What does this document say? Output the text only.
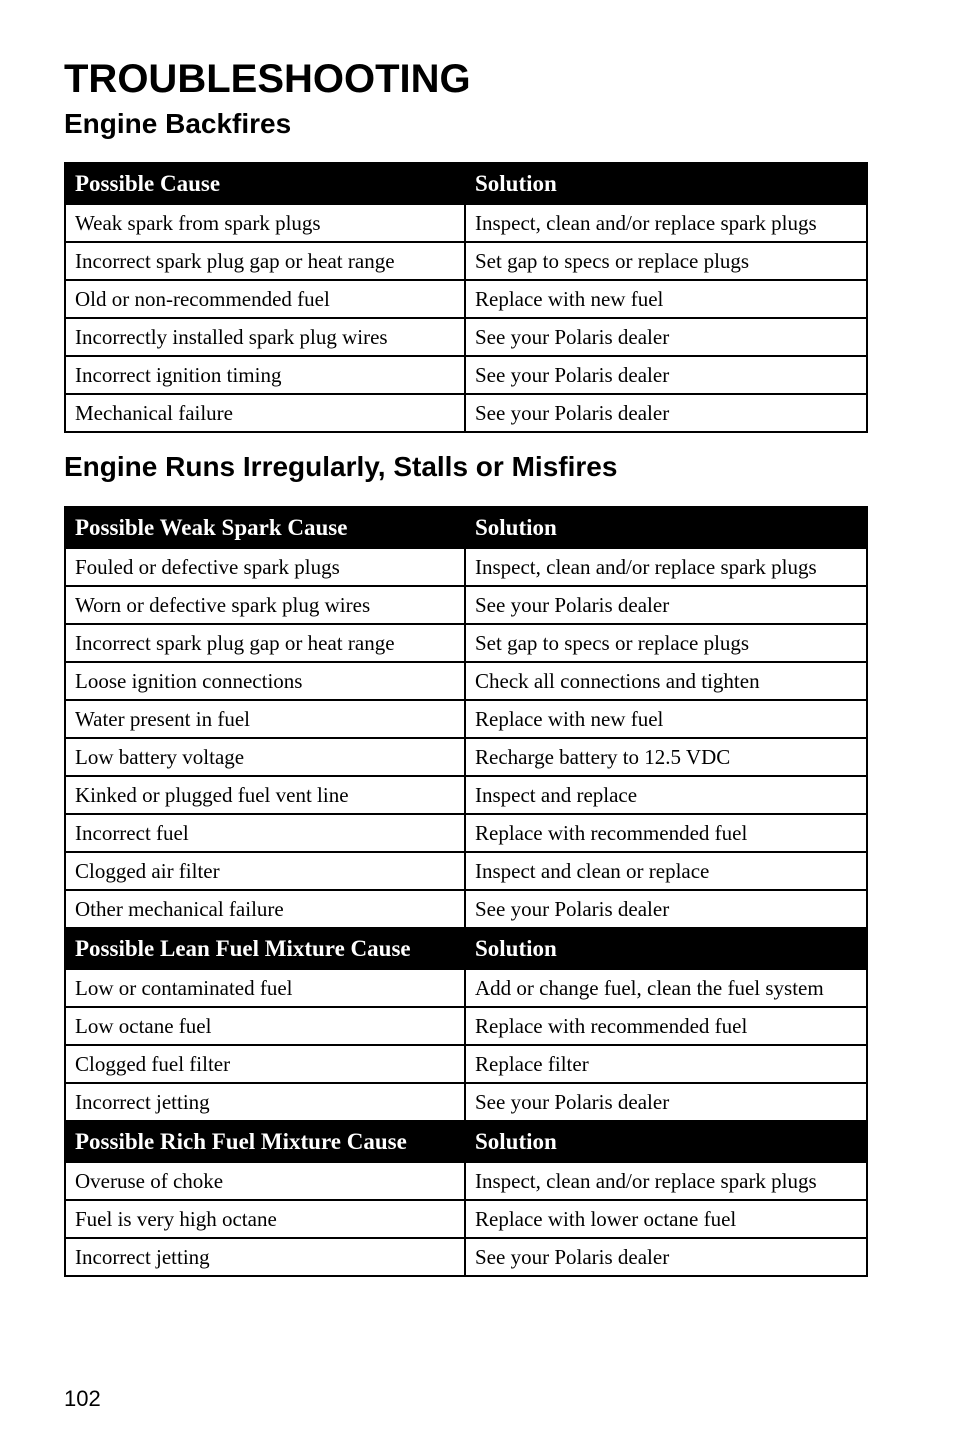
TROUBLESHOOTING
Engine Backfires
Possible Cause	Solution
Weak spark from spark plugs	Inspect, clean and/or replace spark plugs
Incorrect spark plug gap or heat range	Set gap to specs or replace plugs
Old or non-recommended fuel	Replace with new fuel
Incorrectly installed spark plug wires	See your Polaris dealer
Incorrect ignition timing	See your Polaris dealer
Mechanical failure	See your Polaris dealer
Engine Runs Irregularly, Stalls or Misfires
Possible Weak Spark Cause	Solution
Fouled or defective spark plugs	Inspect, clean and/or replace spark plugs
Worn or defective spark plug wires	See your Polaris dealer
Incorrect spark plug gap or heat range	Set gap to specs or replace plugs
Loose ignition connections	Check all connections and tighten
Water present in fuel	Replace with new fuel
Low battery voltage	Recharge battery to 12.5 VDC
Kinked or plugged fuel vent line	Inspect and replace
Incorrect fuel	Replace with recommended fuel
Clogged air filter	Inspect and clean or replace
Other mechanical failure	See your Polaris dealer
Possible Lean Fuel Mixture Cause	Solution
Low or contaminated fuel	Add or change fuel, clean the fuel system
Low octane fuel	Replace with recommended fuel
Clogged fuel filter	Replace filter
Incorrect jetting	See your Polaris dealer
Possible Rich Fuel Mixture Cause	Solution
Overuse of choke	Inspect, clean and/or replace spark plugs
Fuel is very high octane	Replace with lower octane fuel
Incorrect jetting	See your Polaris dealer
102
